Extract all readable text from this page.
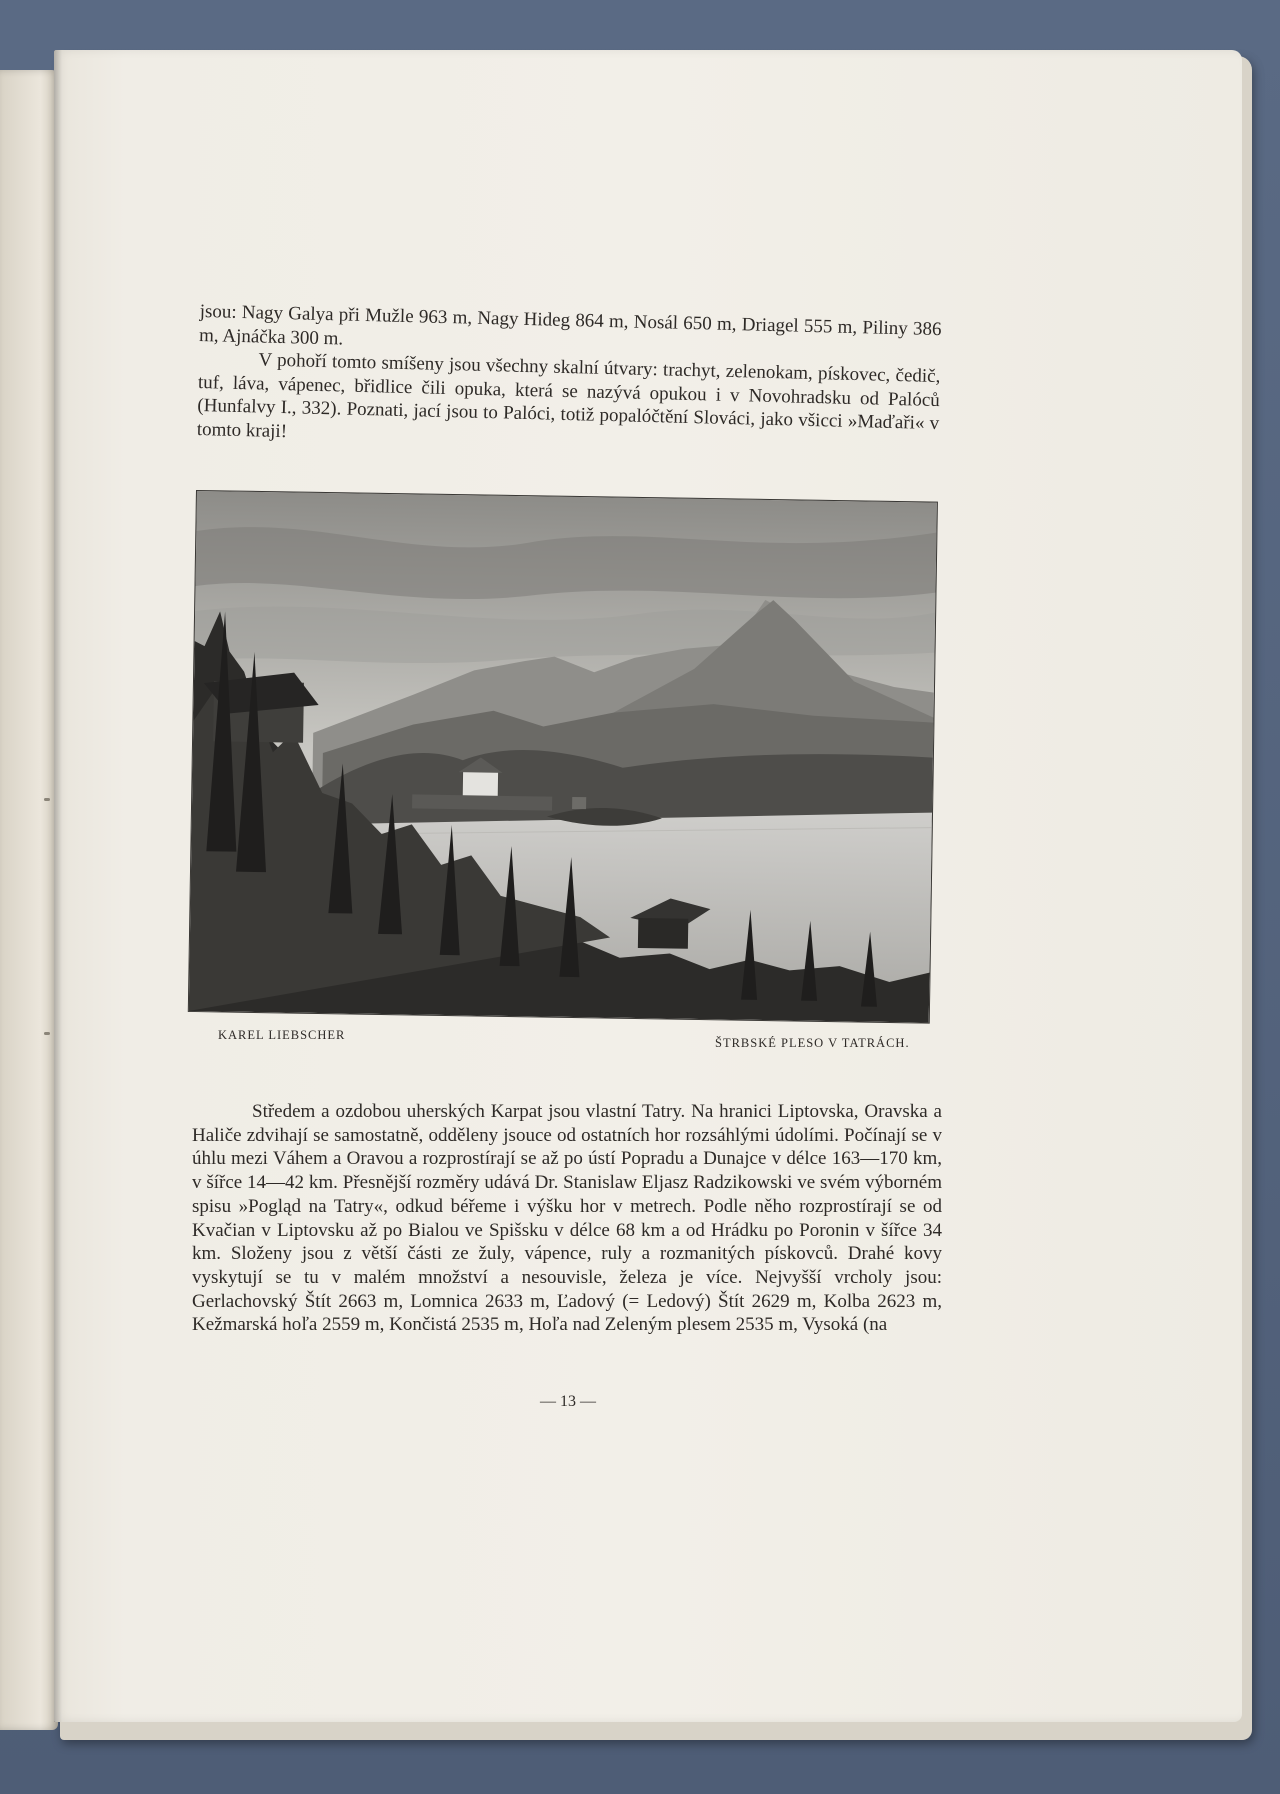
jsou: Nagy Galya při Mužle 963 m, Nagy Hideg 864 m, Nosál 650 m, Driagel 555 m, Piliny 386 m, Ajnáčka 300 m.

V pohoří tomto smíšeny jsou všechny skalní útvary: trachyt, zelenokam, pískovec, čedič, tuf, láva, vápenec, břidlice čili opuka, která se nazývá opukou i v Novohradsku od Palóců (Hunfalvy I., 332). Poznati, jací jsou to Palóci, totiž popalóčtění Slováci, jako všicci »Maďaři« v tomto kraji!

KAREL LIEBSCHER
ŠTRBSKÉ PLESO V TATRÁCH.

Středem a ozdobou uherských Karpat jsou vlastní Tatry. Na hranici Liptovska, Oravska a Haliče zdvihají se samostatně, odděleny jsouce od ostatních hor rozsáhlými údolími. Počínají se v úhlu mezi Váhem a Oravou a rozprostírají se až po ústí Popradu a Dunajce v délce 163—170 km, v šířce 14—42 km. Přesnější rozměry udává Dr. Stanislaw Eljasz Radzikowski ve svém výborném spisu »Pogląd na Tatry«, odkud béřeme i výšku hor v metrech. Podle něho rozprostírají se od Kvačian v Liptovsku až po Bialou ve Spišsku v délce 68 km a od Hrádku po Poronin v šířce 34 km. Složeny jsou z větší části ze žuly, vápence, ruly a rozmanitých pískovců. Drahé kovy vyskytují se tu v malém množství a nesouvisle, železa je více. Nejvyšší vrcholy jsou: Gerlachovský Štít 2663 m, Lomnica 2633 m, Ľadový (= Ledový) Štít 2629 m, Kolba 2623 m, Kežmarská hoľa 2559 m, Končistá 2535 m, Hoľa nad Zeleným plesem 2535 m, Vysoká (na

— 13 —
